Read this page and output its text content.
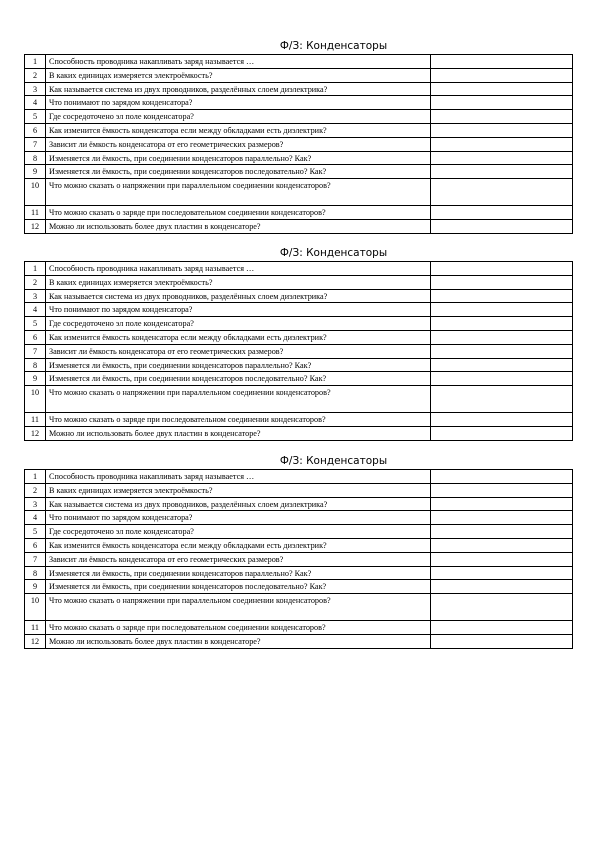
Ф/З: Конденсаторы
1	Способность проводника накапливать заряд называется …	
2	В каких единицах измеряется электроёмкость?	
3	Как называется система из двух проводников, разделённых слоем диэлектрика?	
4	Что понимают по зарядом конденсатора?	
5	Где сосредоточено эл поле конденсатора?	
6	Как изменится ёмкость конденсатора если между обкладками есть диэлектрик?	
7	Зависит ли ёмкость конденсатора от его геометрических размеров?	
8	Изменяется ли ёмкость, при соединении конденсаторов параллельно? Как?	
9	Изменяется ли ёмкость, при соединении конденсаторов последовательно? Как?	
10	Что можно сказать о напряжении при параллельном соединении конденсаторов?	
11	Что можно сказать о заряде при последовательном соединении конденсаторов?	
12	Можно ли использовать более двух пластин в конденсаторе?	
Ф/З: Конденсаторы
1	Способность проводника накапливать заряд называется …	
2	В каких единицах измеряется электроёмкость?	
3	Как называется система из двух проводников, разделённых слоем диэлектрика?	
4	Что понимают по зарядом конденсатора?	
5	Где сосредоточено эл поле конденсатора?	
6	Как изменится ёмкость конденсатора если между обкладками есть диэлектрик?	
7	Зависит ли ёмкость конденсатора от его геометрических размеров?	
8	Изменяется ли ёмкость, при соединении конденсаторов параллельно? Как?	
9	Изменяется ли ёмкость, при соединении конденсаторов последовательно? Как?	
10	Что можно сказать о напряжении при параллельном соединении конденсаторов?	
11	Что можно сказать о заряде при последовательном соединении конденсаторов?	
12	Можно ли использовать более двух пластин в конденсаторе?	
Ф/З: Конденсаторы
1	Способность проводника накапливать заряд называется …	
2	В каких единицах измеряется электроёмкость?	
3	Как называется система из двух проводников, разделённых слоем диэлектрика?	
4	Что понимают по зарядом конденсатора?	
5	Где сосредоточено эл поле конденсатора?	
6	Как изменится ёмкость конденсатора если между обкладками есть диэлектрик?	
7	Зависит ли ёмкость конденсатора от его геометрических размеров?	
8	Изменяется ли ёмкость, при соединении конденсаторов параллельно? Как?	
9	Изменяется ли ёмкость, при соединении конденсаторов последовательно? Как?	
10	Что можно сказать о напряжении при параллельном соединении конденсаторов?	
11	Что можно сказать о заряде при последовательном соединении конденсаторов?	
12	Можно ли использовать более двух пластин в конденсаторе?	
